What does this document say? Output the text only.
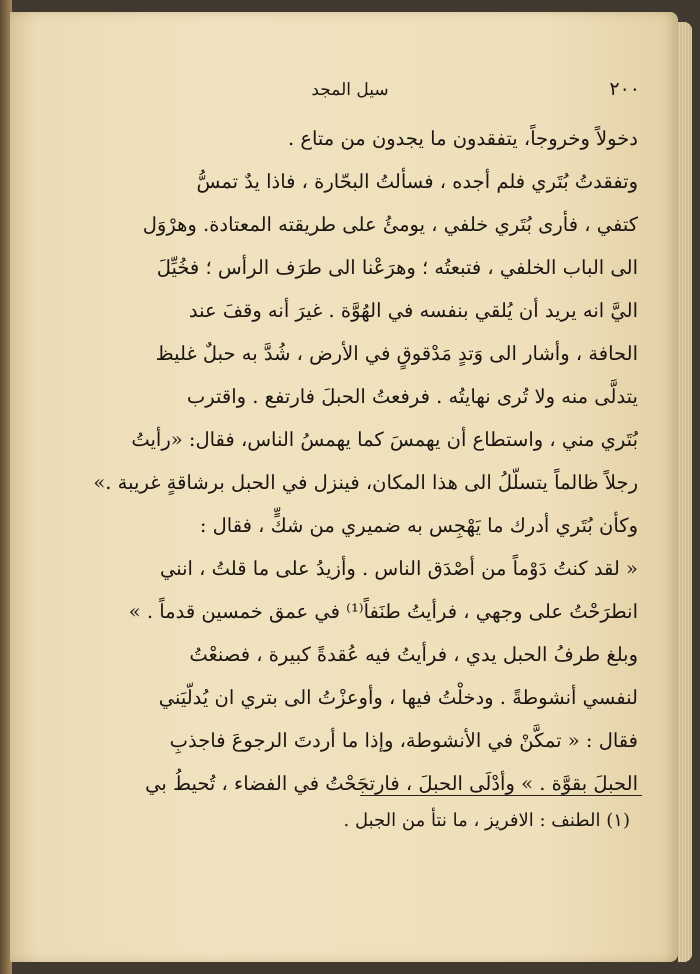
٢٠٠
سيل المجد
دخولاً وخروجاً، يتفقدون ما يجدون من متاع .
وتفقدتُ بُتَري فلم أجده ، فسألتُ البحّارة ، فاذا يدٌ تمسُّ
كتفي ، فأرى بُتَري خلفي ، يومئُ على طريقته المعتادة. وهرْوَل
الى الباب الخلفي ، فتبعتُه ؛ وهرَعْنا الى طرَف الرأس ؛ فخُيِّلَ
اليَّ انه يريد أن يُلقي بنفسه في الهُوَّة . غيرَ أنه وقفَ عند
الحافة ، وأشار الى وَتدٍ مَدْقوقٍ في الأرض ، شُدَّ به حبلٌ غليظ
يتدلَّى منه ولا تُرى نهايتُه . فرفعتُ الحبلَ فارتفع . واقترب
بُتَري مني ، واستطاع أن يهمسَ كما يهمسُ الناس، فقال: «رأيتُ
رجلاً ظالماً يتسلّلُ الى هذا المكان، فينزل في الحبل برشاقةٍ غريبة .»
وكأن بُتَري أدرك ما يَهْجِس به ضميري من شكٍّ ، فقال :
« لقد كنتُ دَوْماً من أصْدَق الناس . وأزيدُ على ما قلتُ ، انني
انطرَحْتُ على وجهي ، فرأيتُ طنَفاً⁽¹⁾ في عمق خمسين قدماً . »
وبلغ طرفُ الحبل يدي ، فرأيتُ فيه عُقدةً كبيرة ، فصنعْتُ
لنفسي أنشوطةً . ودخلْتُ فيها ، وأوعزْتُ الى بتري ان يُدلّيَني
فقال : « تمكَّنْ في الأنشوطة، وإذا ما أردتَ الرجوعَ فاجذبِ
الحبلَ بقوَّة . » وأدْلَى الحبلَ ، فارتجَحْتُ في الفضاء ، تُحيطُ بي
(١) الطنف : الافريز ، ما نتأ من الجبل .
